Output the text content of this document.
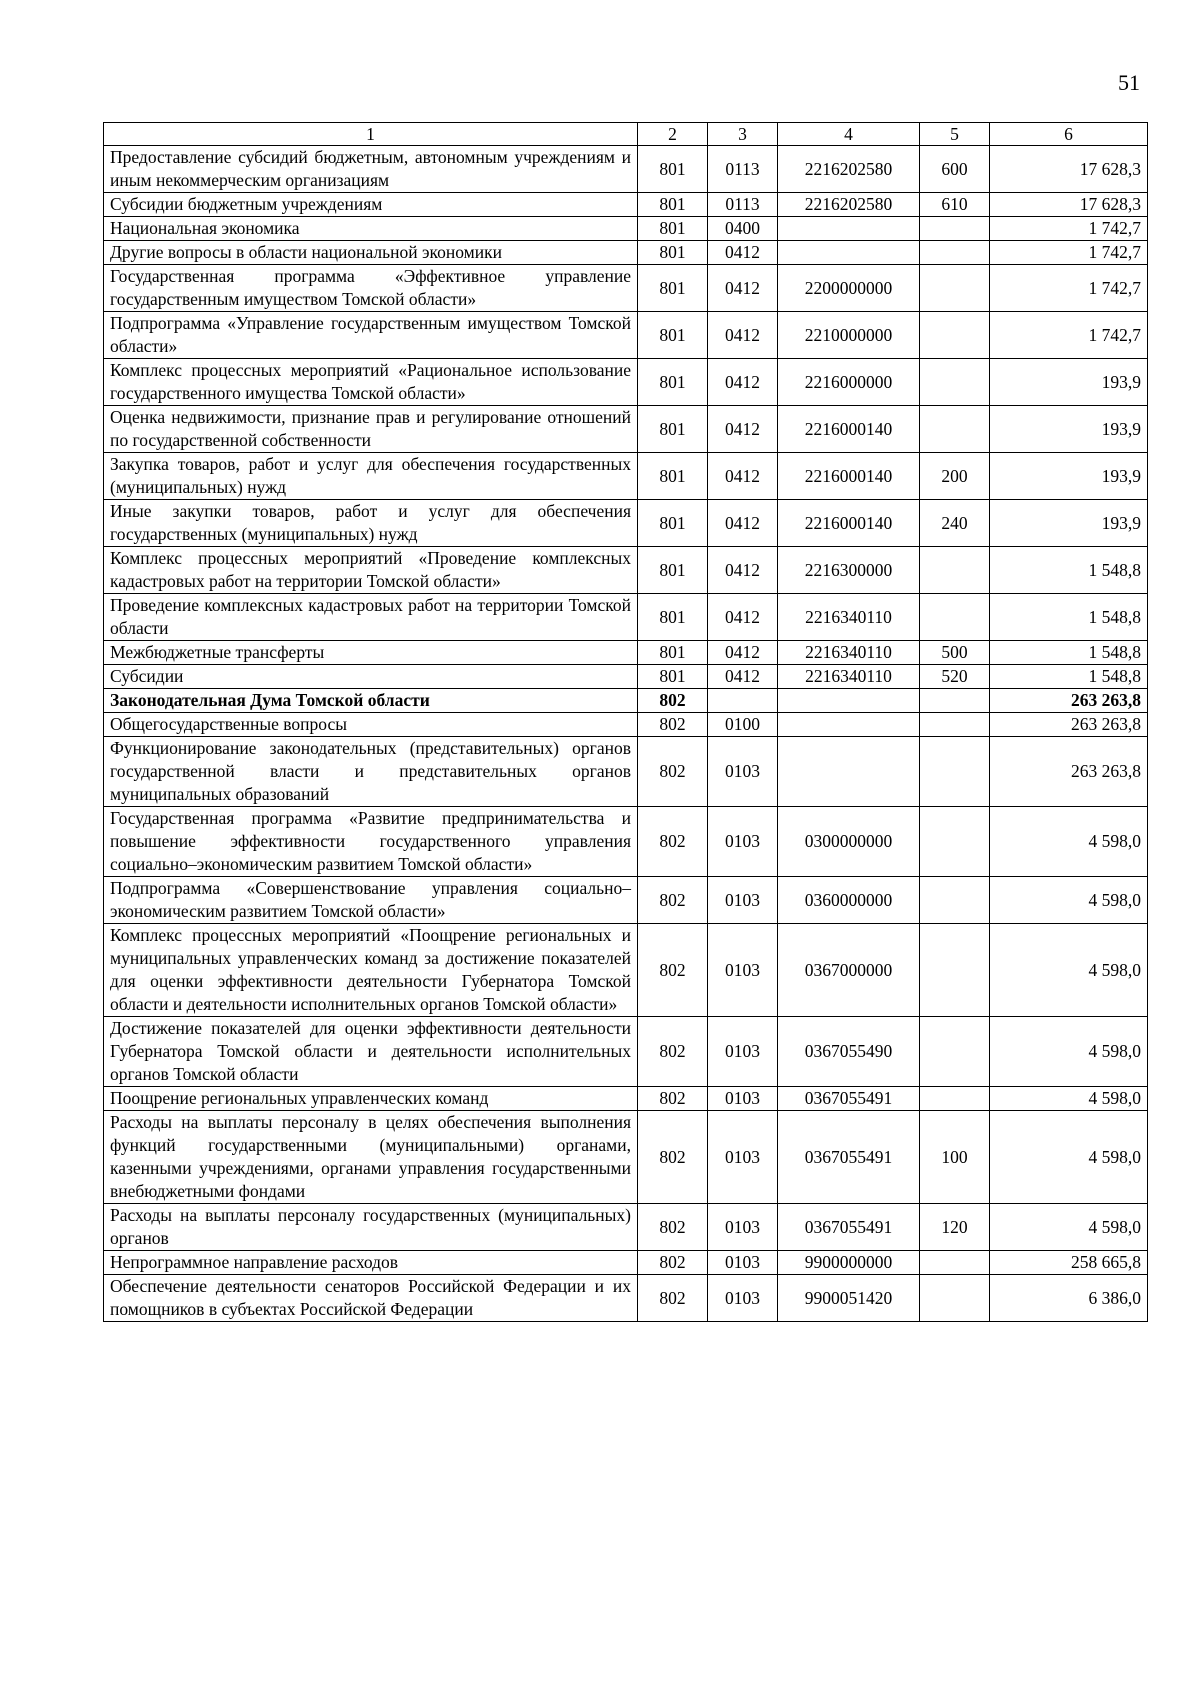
51
1	2	3	4	5	6
Предоставление субсидий бюджетным, автономным учреждениям и иным некоммерческим организациям	801	0113	2216202580	600	17 628,3
Субсидии бюджетным учреждениям	801	0113	2216202580	610	17 628,3
Национальная экономика	801	0400			1 742,7
Другие вопросы в области национальной экономики	801	0412			1 742,7
Государственная программа «Эффективное управление государственным имуществом Томской области»	801	0412	2200000000		1 742,7
Подпрограмма «Управление государственным имуществом Томской области»	801	0412	2210000000		1 742,7
Комплекс процессных мероприятий «Рациональное использование государственного имущества Томской области»	801	0412	2216000000		193,9
Оценка недвижимости, признание прав и регулирование отношений по государственной собственности	801	0412	2216000140		193,9
Закупка товаров, работ и услуг для обеспечения государственных (муниципальных) нужд	801	0412	2216000140	200	193,9
Иные закупки товаров, работ и услуг для обеспечения государственных (муниципальных) нужд	801	0412	2216000140	240	193,9
Комплекс процессных мероприятий «Проведение комплексных кадастровых работ на территории Томской области»	801	0412	2216300000		1 548,8
Проведение комплексных кадастровых работ на территории Томской области	801	0412	2216340110		1 548,8
Межбюджетные трансферты	801	0412	2216340110	500	1 548,8
Субсидии	801	0412	2216340110	520	1 548,8
Законодательная Дума Томской области	802				263 263,8
Общегосударственные вопросы	802	0100			263 263,8
Функционирование законодательных (представительных) органов государственной власти и представительных органов муниципальных образований	802	0103			263 263,8
Государственная программа «Развитие предпринимательства и повышение эффективности государственного управления социально–экономическим развитием Томской области»	802	0103	0300000000		4 598,0
Подпрограмма «Совершенствование управления социально–экономическим развитием Томской области»	802	0103	0360000000		4 598,0
Комплекс процессных мероприятий «Поощрение региональных и муниципальных управленческих команд за достижение показателей для оценки эффективности деятельности Губернатора Томской области и деятельности исполнительных органов Томской области»	802	0103	0367000000		4 598,0
Достижение показателей для оценки эффективности деятельности Губернатора Томской области и деятельности исполнительных органов Томской области	802	0103	0367055490		4 598,0
Поощрение региональных управленческих команд	802	0103	0367055491		4 598,0
Расходы на выплаты персоналу в целях обеспечения выполнения функций государственными (муниципальными) органами, казенными учреждениями, органами управления государственными внебюджетными фондами	802	0103	0367055491	100	4 598,0
Расходы на выплаты персоналу государственных (муниципальных) органов	802	0103	0367055491	120	4 598,0
Непрограммное направление расходов	802	0103	9900000000		258 665,8
Обеспечение деятельности сенаторов Российской Федерации и их помощников в субъектах Российской Федерации	802	0103	9900051420		6 386,0
